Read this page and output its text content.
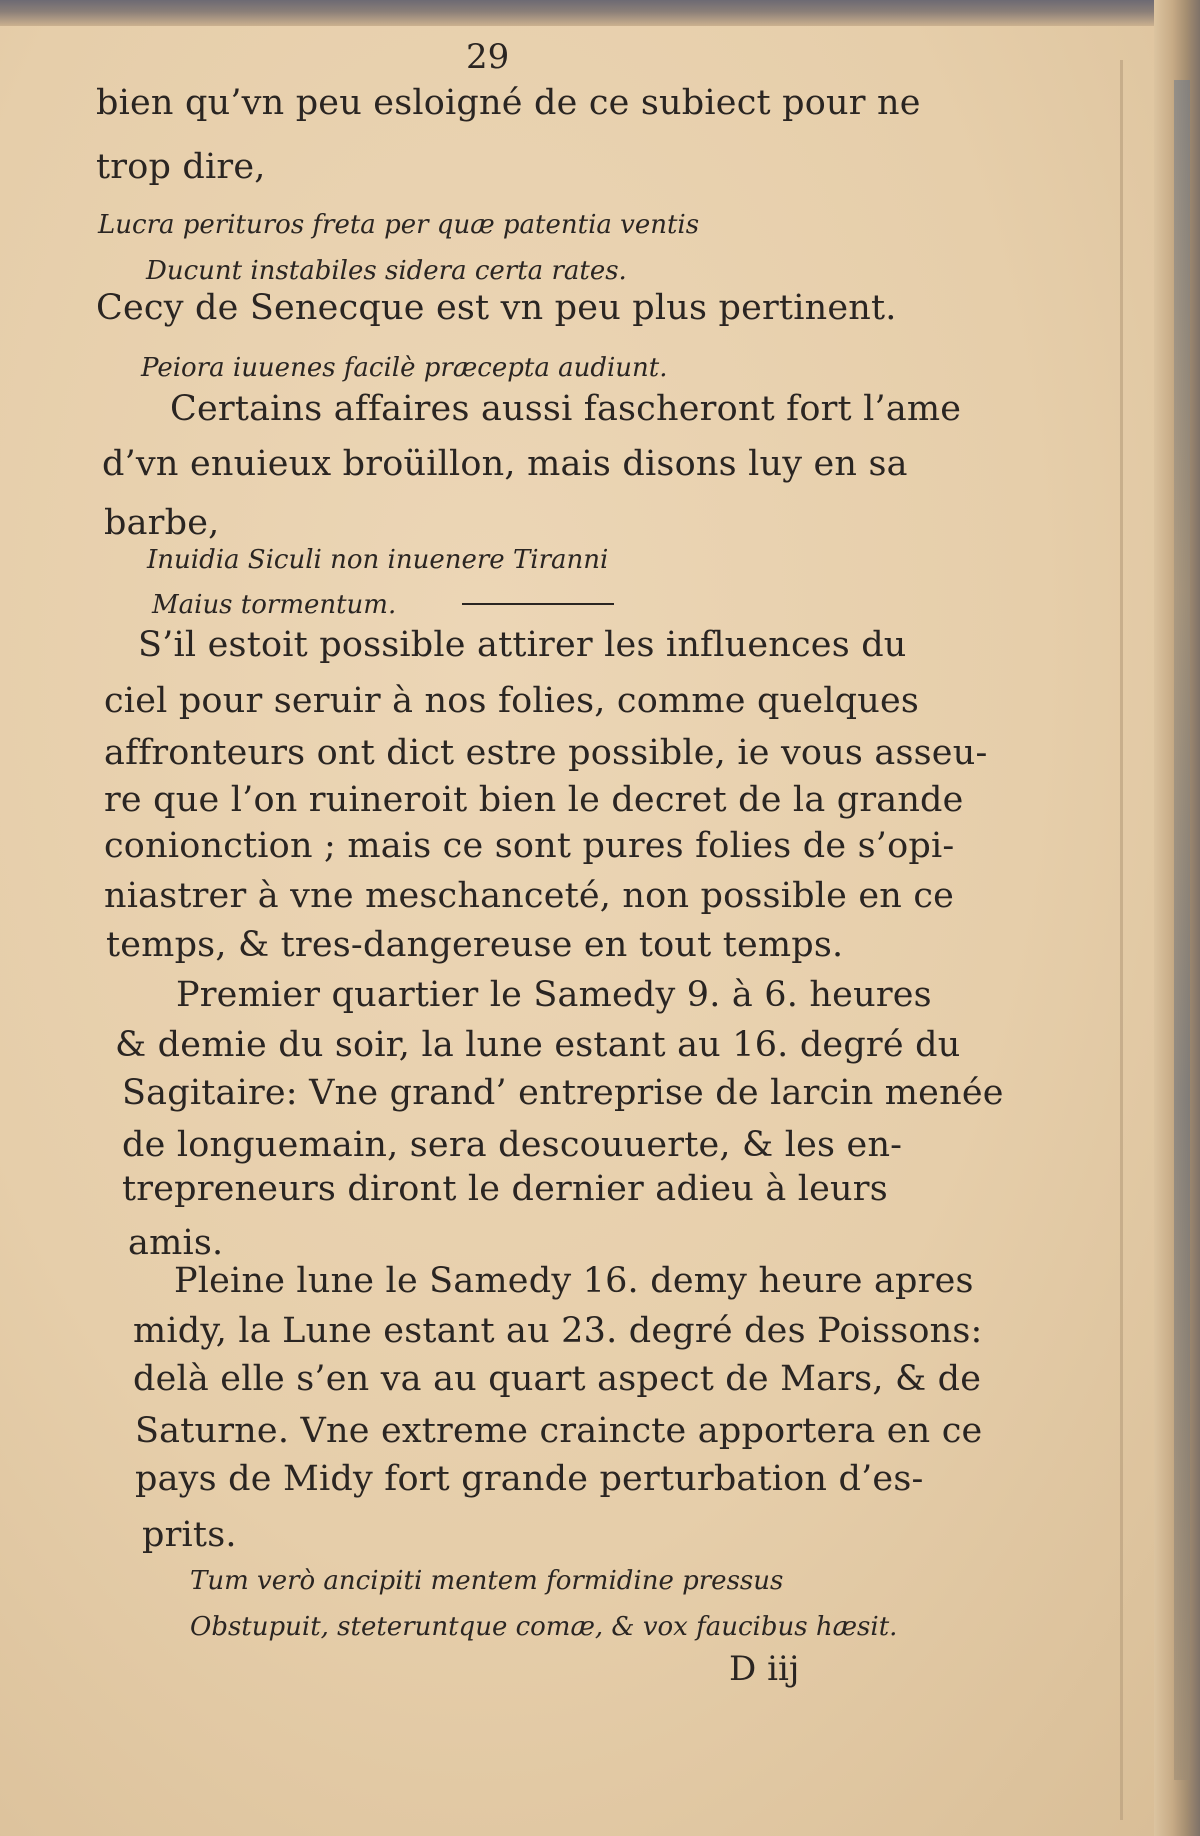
29
bien qu’vn peu esloigné de ce subiect pour ne
trop dire,
Lucra perituros freta per quæ patentia ventis
Ducunt instabiles sidera certa rates.
Cecy de Senecque est vn peu plus pertinent.
Peiora iuuenes facilè præcepta audiunt.
Certains affaires aussi fascheront fort l’ame
d’vn enuieux broüillon, mais disons luy en sa
barbe,
Inuidia Siculi non inuenere Tiranni
Maius tormentum.
S’il estoit possible attirer les influences du
ciel pour seruir à nos folies, comme quelques
affronteurs ont dict estre possible, ie vous asseu-
re que l’on ruineroit bien le decret de la grande
conionction ; mais ce sont pures folies de s’opi-
niastrer à vne meschanceté, non possible en ce
temps, & tres-dangereuse en tout temps.
Premier quartier le Samedy 9. à 6. heures
& demie du soir, la lune estant au 16. degré du
Sagitaire: Vne grand’ entreprise de larcin menée
de longuemain, sera descouuerte, & les en-
trepreneurs diront le dernier adieu à leurs
amis.
Pleine lune le Samedy 16. demy heure apres
midy, la Lune estant au 23. degré des Poissons:
delà elle s’en va au quart aspect de Mars, & de
Saturne. Vne extreme craincte apportera en ce
pays de Midy fort grande perturbation d’es-
prits.
Tum verò ancipiti mentem formidine pressus
Obstupuit, steteruntque comæ, & vox faucibus hæsit.
D iij
